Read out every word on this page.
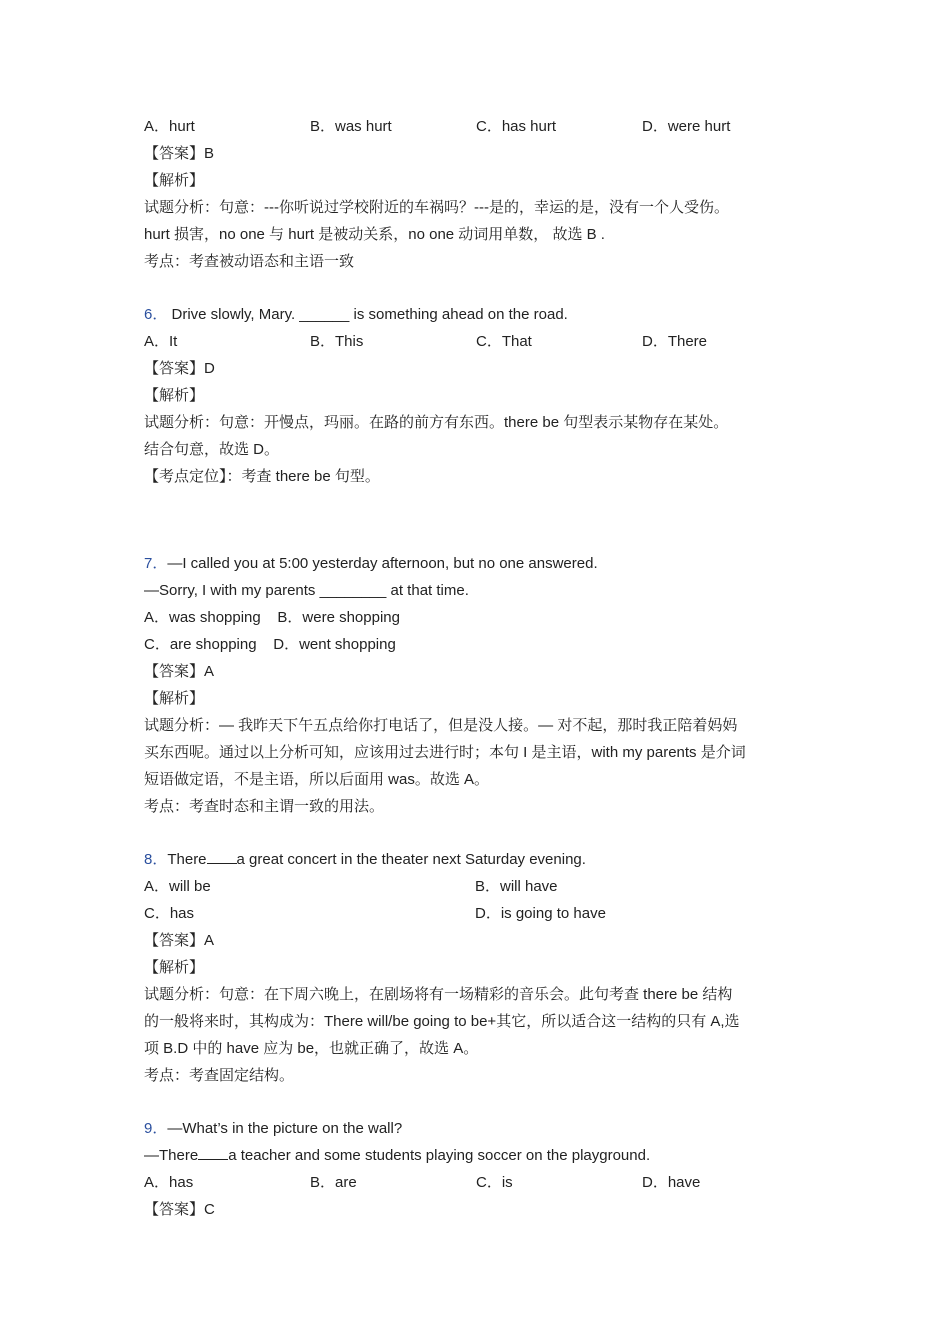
A．hurt	B．was hurt	C．has hurt	D．were hurt
【答案】B
【解析】
试题分析：句意：---你听说过学校附近的车祸吗？---是的，幸运的是，没有一个人受伤。
hurt 损害，no one 与 hurt 是被动关系，no one 动词用单数， 故选 B .
考点：考查被动语态和主语一致
6． Drive slowly, Mary. ______ is something ahead on the road.
A．It	B．This	C．That	D．There
【答案】D
【解析】
试题分析：句意：开慢点，玛丽。在路的前方有东西。there be 句型表示某物存在某处。
结合句意，故选 D。
【考点定位】：考查 there be 句型。
7．—I called you at 5:00 yesterday afternoon, but no one answered.
—Sorry, I with my parents ________ at that time.
A．was shopping    B．were shopping
C．are shopping    D．went shopping
【答案】A
【解析】
试题分析：— 我昨天下午五点给你打电话了，但是没人接。— 对不起，那时我正陪着妈妈
买东西呢。通过以上分析可知，应该用过去进行时；本句 I 是主语，with my parents 是介词
短语做定语，不是主语，所以后面用 was。故选 A。
考点：考查时态和主谓一致的用法。
8．There a great concert in the theater next Saturday evening.
A．will be	B．will have
C．has	D．is going to have
【答案】A
【解析】
试题分析：句意：在下周六晚上，在剧场将有一场精彩的音乐会。此句考查 there be 结构
的一般将来时，其构成为：There will/be going to be+其它，所以适合这一结构的只有 A,选
项 B.D 中的 have 应为 be，也就正确了，故选 A。
考点：考查固定结构。
9．—What’s in the picture on the wall?
—There a teacher and some students playing soccer on the playground.
A．has	B．are	C．is	D．have
【答案】C
